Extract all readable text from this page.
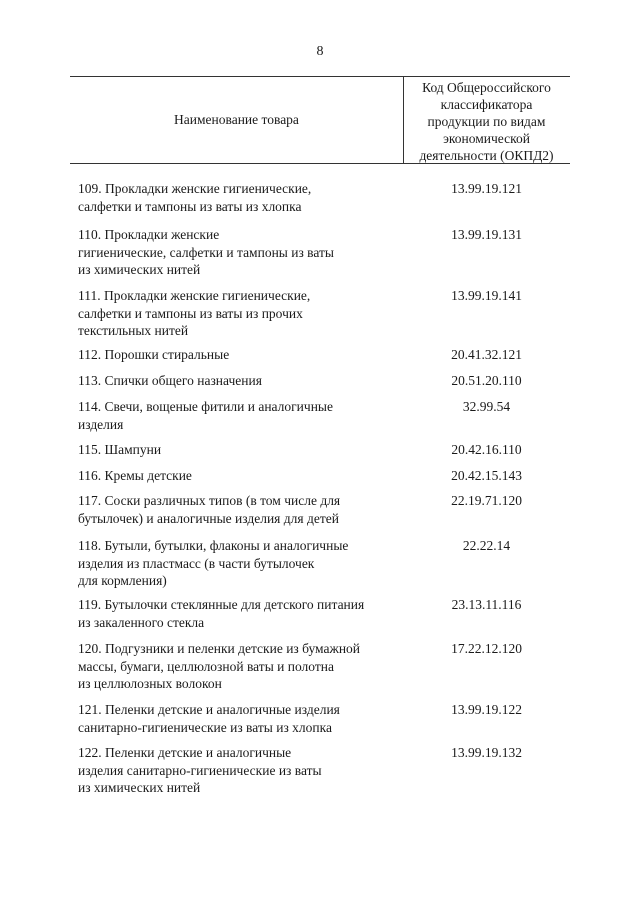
8
Наименование товара
Код Общероссийского
классификатора
продукции по видам
экономической
деятельности (ОКПД2)
109. Прокладки женские гигиенические,
салфетки и тампоны из ваты из хлопка
13.99.19.121
110. Прокладки женские
гигиенические, салфетки и тампоны из ваты
из химических нитей
13.99.19.131
111. Прокладки женские гигиенические,
салфетки и тампоны из ваты из прочих
текстильных нитей
13.99.19.141
112. Порошки стиральные	20.41.32.121
113. Спички общего назначения	20.51.20.110
114. Свечи, вощеные фитили и аналогичные
изделия
32.99.54
115. Шампуни	20.42.16.110
116. Кремы детские	20.42.15.143
117. Соски различных типов (в том числе для
бутылочек) и аналогичные изделия для детей
22.19.71.120
118. Бутыли, бутылки, флаконы и аналогичные
изделия из пластмасс (в части бутылочек
для кормления)
22.22.14
119. Бутылочки стеклянные для детского питания
из закаленного стекла
23.13.11.116
120. Подгузники и пеленки детские из бумажной
массы, бумаги, целлюлозной ваты и полотна
из целлюлозных волокон
17.22.12.120
121. Пеленки детские и аналогичные изделия
санитарно-гигиенические из ваты из хлопка
13.99.19.122
122. Пеленки детские и аналогичные
изделия санитарно-гигиенические из ваты
из химических нитей
13.99.19.132
